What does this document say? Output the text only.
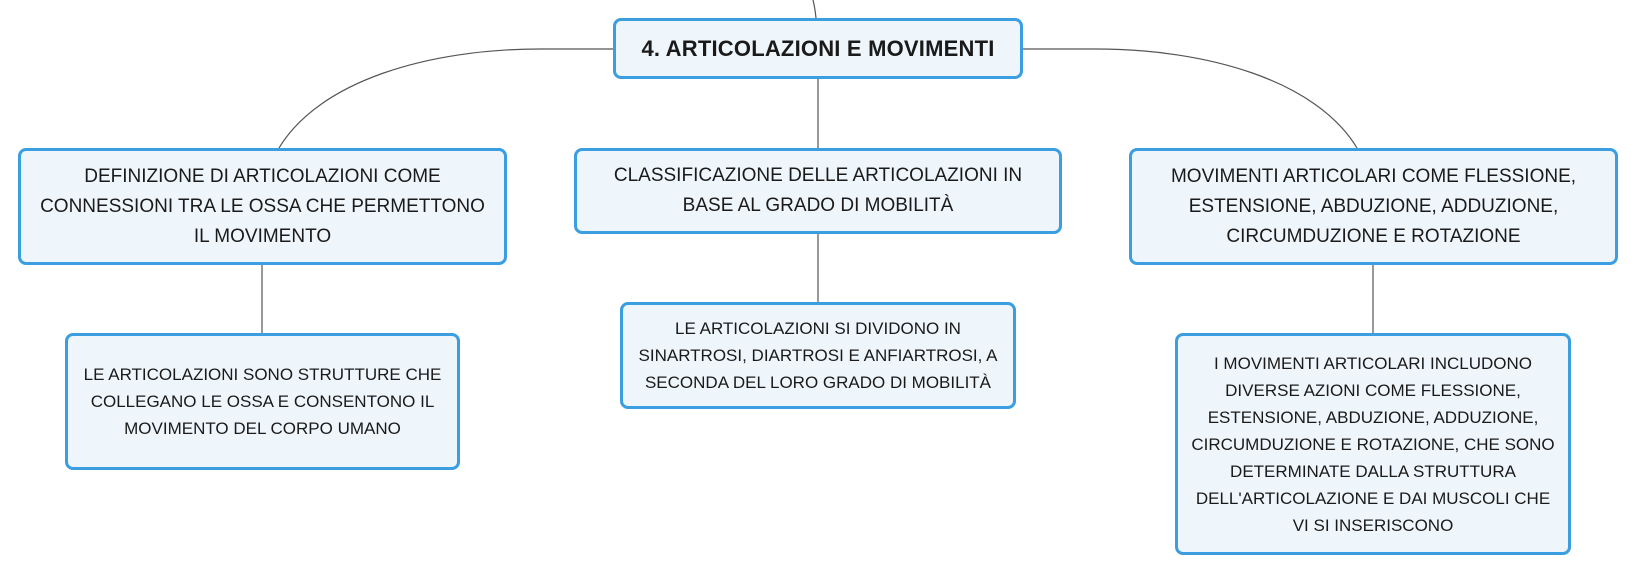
4. ARTICOLAZIONI E MOVIMENTI
DEFINIZIONE DI ARTICOLAZIONI COME CONNESSIONI TRA LE OSSA CHE PERMETTONO IL MOVIMENTO
CLASSIFICAZIONE DELLE ARTICOLAZIONI IN BASE AL GRADO DI MOBILITÀ
MOVIMENTI ARTICOLARI COME FLESSIONE, ESTENSIONE, ABDUZIONE, ADDUZIONE, CIRCUMDUZIONE E ROTAZIONE
LE ARTICOLAZIONI SONO STRUTTURE CHE COLLEGANO LE OSSA E CONSENTONO IL MOVIMENTO DEL CORPO UMANO
LE ARTICOLAZIONI SI DIVIDONO IN SINARTROSI, DIARTROSI E ANFIARTROSI, A SECONDA DEL LORO GRADO DI MOBILITÀ
I MOVIMENTI ARTICOLARI INCLUDONO DIVERSE AZIONI COME FLESSIONE, ESTENSIONE, ABDUZIONE, ADDUZIONE, CIRCUMDUZIONE E ROTAZIONE, CHE SONO DETERMINATE DALLA STRUTTURA DELL'ARTICOLAZIONE E DAI MUSCOLI CHE VI SI INSERISCONO
